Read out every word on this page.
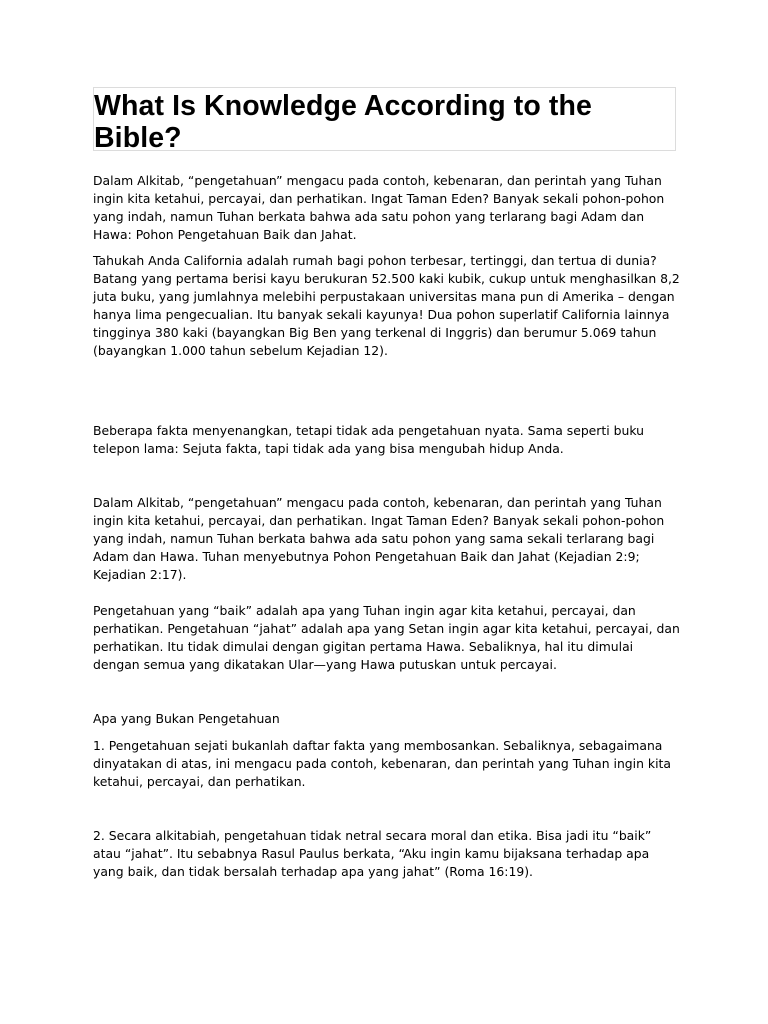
What Is Knowledge According to the Bible?

Dalam Alkitab, “pengetahuan” mengacu pada contoh, kebenaran, dan perintah yang Tuhan ingin kita ketahui, percayai, dan perhatikan. Ingat Taman Eden? Banyak sekali pohon-pohon yang indah, namun Tuhan berkata bahwa ada satu pohon yang terlarang bagi Adam dan Hawa: Pohon Pengetahuan Baik dan Jahat.

Tahukah Anda California adalah rumah bagi pohon terbesar, tertinggi, dan tertua di dunia? Batang yang pertama berisi kayu berukuran 52.500 kaki kubik, cukup untuk menghasilkan 8,2 juta buku, yang jumlahnya melebihi perpustakaan universitas mana pun di Amerika – dengan hanya lima pengecualian. Itu banyak sekali kayunya! Dua pohon superlatif California lainnya tingginya 380 kaki (bayangkan Big Ben yang terkenal di Inggris) dan berumur 5.069 tahun (bayangkan 1.000 tahun sebelum Kejadian 12).

Beberapa fakta menyenangkan, tetapi tidak ada pengetahuan nyata. Sama seperti buku telepon lama: Sejuta fakta, tapi tidak ada yang bisa mengubah hidup Anda.

Dalam Alkitab, “pengetahuan” mengacu pada contoh, kebenaran, dan perintah yang Tuhan ingin kita ketahui, percayai, dan perhatikan. Ingat Taman Eden? Banyak sekali pohon-pohon yang indah, namun Tuhan berkata bahwa ada satu pohon yang sama sekali terlarang bagi Adam dan Hawa. Tuhan menyebutnya Pohon Pengetahuan Baik dan Jahat (Kejadian 2:9; Kejadian 2:17).

Pengetahuan yang “baik” adalah apa yang Tuhan ingin agar kita ketahui, percayai, dan perhatikan. Pengetahuan “jahat” adalah apa yang Setan ingin agar kita ketahui, percayai, dan perhatikan. Itu tidak dimulai dengan gigitan pertama Hawa. Sebaliknya, hal itu dimulai dengan semua yang dikatakan Ular—yang Hawa putuskan untuk percayai.

Apa yang Bukan Pengetahuan

1. Pengetahuan sejati bukanlah daftar fakta yang membosankan. Sebaliknya, sebagaimana dinyatakan di atas, ini mengacu pada contoh, kebenaran, dan perintah yang Tuhan ingin kita ketahui, percayai, dan perhatikan.

2. Secara alkitabiah, pengetahuan tidak netral secara moral dan etika. Bisa jadi itu “baik” atau “jahat”. Itu sebabnya Rasul Paulus berkata, “Aku ingin kamu bijaksana terhadap apa yang baik, dan tidak bersalah terhadap apa yang jahat” (Roma 16:19).
